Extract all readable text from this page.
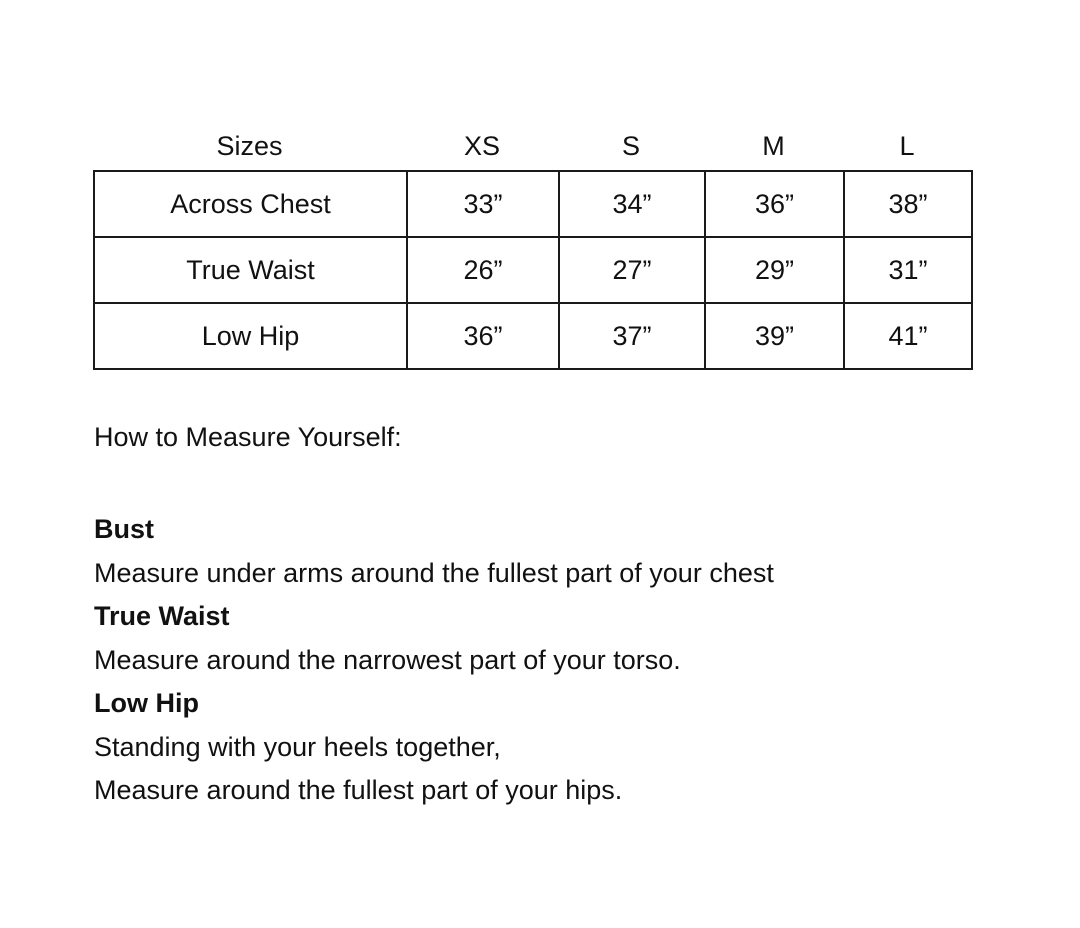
Sizes	XS	S	M	L
Across Chest	33”	34”	36”	38”
True Waist	26”	27”	29”	31”
Low Hip	36”	37”	39”	41”
How to Measure Yourself:
Bust
Measure under arms around the fullest part of your chest
True Waist
Measure around the narrowest part of your torso.
Low Hip
Standing with your heels together,
Measure around the fullest part of your hips.
